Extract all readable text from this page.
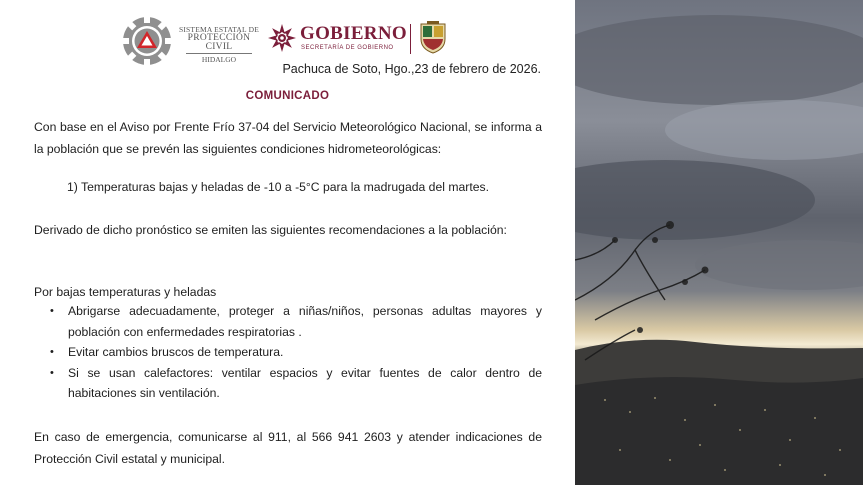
SISTEMA ESTATAL DE
PROTECCIÓN CIVIL
HIDALGO
GOBIERNO
SECRETARÍA DE GOBIERNO
Pachuca de Soto, Hgo.,23 de febrero de 2026.
COMUNICADO

Con base en el Aviso por Frente Frío 37-04 del Servicio Meteorológico Nacional, se informa a la población que se prevén las siguientes condiciones hidrometeorológicas:

1) Temperaturas bajas y heladas de -10 a -5°C para la madrugada del martes.

Derivado de dicho pronóstico se emiten las siguientes recomendaciones a la población:

Por bajas temperaturas y heladas

• Abrigarse adecuadamente, proteger a niñas/niños, personas adultas mayores y población con enfermedades respiratorias .
• Evitar cambios bruscos de temperatura.
• Si se usan calefactores: ventilar espacios y evitar fuentes de calor dentro de habitaciones sin ventilación.

En caso de emergencia, comunicarse al 911, al 566 941 2603 y atender indicaciones de Protección Civil estatal y municipal.
